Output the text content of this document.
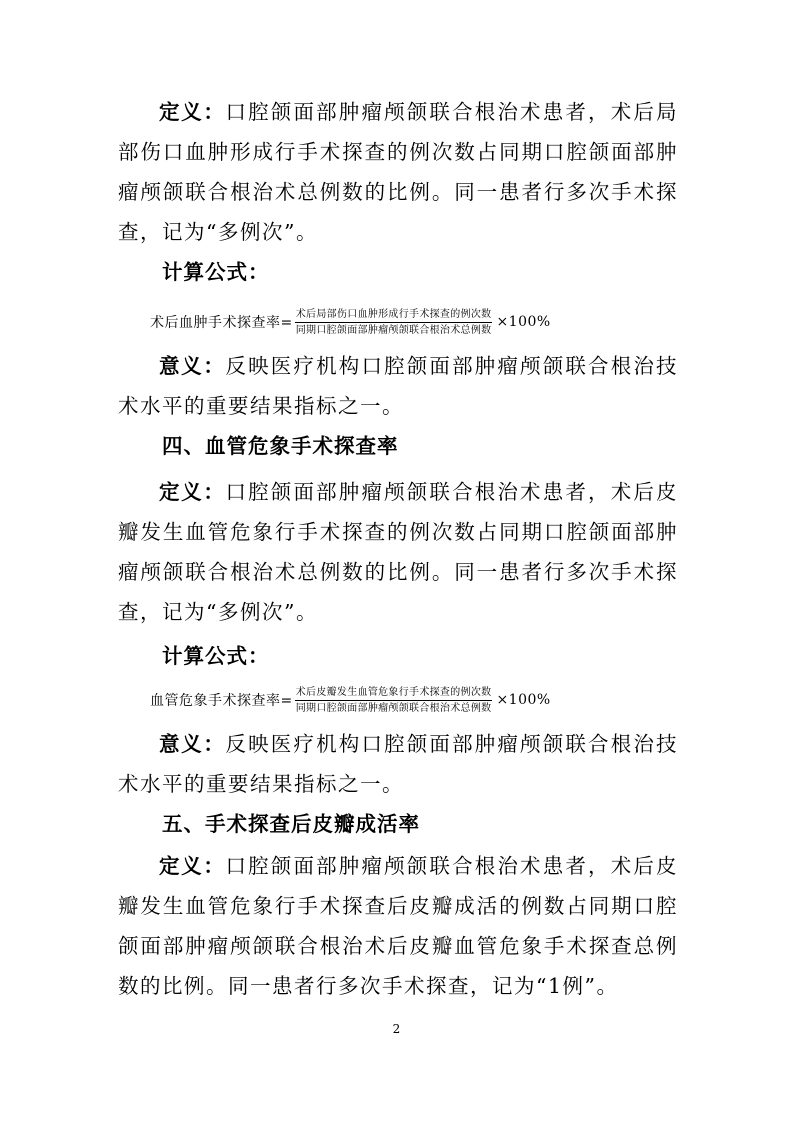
定义：口腔颌面部肿瘤颅颌联合根治术患者，术后局部伤口血肿形成行手术探查的例次数占同期口腔颌面部肿瘤颅颌联合根治术总例数的比例。同一患者行多次手术探查，记为“多例次”。

计算公式：

术后血肿手术探查率= $\frac{\text{术后局部伤口血肿形成行手术探查的例次数}}{\text{同期口腔颌面部肿瘤颅颌联合根治术总例数}} \times 100\%$

意义：反映医疗机构口腔颌面部肿瘤颅颌联合根治技术水平的重要结果指标之一。

四、血管危象手术探查率

定义：口腔颌面部肿瘤颅颌联合根治术患者，术后皮瓣发生血管危象行手术探查的例次数占同期口腔颌面部肿瘤颅颌联合根治术总例数的比例。同一患者行多次手术探查，记为“多例次”。

计算公式：

血管危象手术探查率= $\frac{\text{术后皮瓣发生血管危象行手术探查的例次数}}{\text{同期口腔颌面部肿瘤颅颌联合根治术总例数}} \times 100\%$

意义：反映医疗机构口腔颌面部肿瘤颅颌联合根治技术水平的重要结果指标之一。

五、手术探查后皮瓣成活率

定义：口腔颌面部肿瘤颅颌联合根治术患者，术后皮瓣发生血管危象行手术探查后皮瓣成活的例数占同期口腔颌面部肿瘤颅颌联合根治术后皮瓣血管危象手术探查总例数的比例。同一患者行多次手术探查，记为“1例”。

2
